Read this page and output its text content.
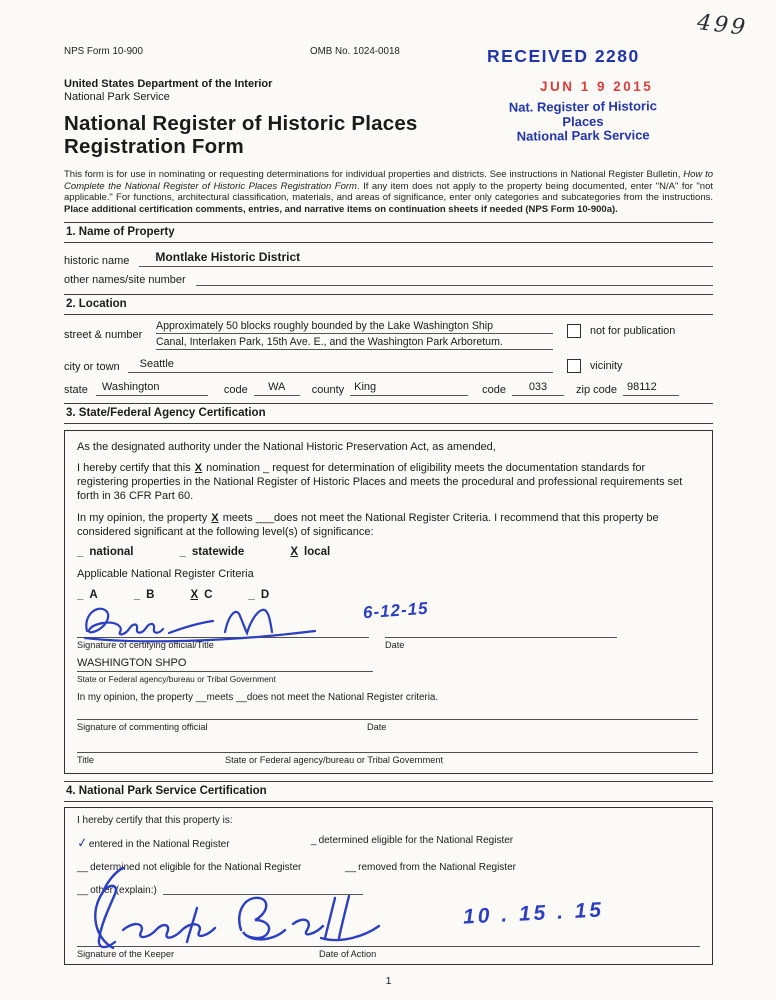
499
RECEIVED 2280
JUN 1 9 2015
Nat. Register of Historic Places
National Park Service
NPS Form 10-900	OMB No. 1024-0018
United States Department of the Interior
National Park Service
National Register of Historic Places
Registration Form
This form is for use in nominating or requesting determinations for individual properties and districts. See instructions in National Register Bulletin, How to Complete the National Register of Historic Places Registration Form. If any item does not apply to the property being documented, enter "N/A" for "not applicable." For functions, architectural classification, materials, and areas of significance, enter only categories and subcategories from the instructions. Place additional certification comments, entries, and narrative items on continuation sheets if needed (NPS Form 10-900a).
1. Name of Property
historic name	Montlake Historic District
other names/site number
2. Location
street & number
Approximately 50 blocks roughly bounded by the Lake Washington Ship
Canal, Interlaken Park, 15th Ave. E., and the Washington Park Arboretum.
not for publication
city or town	Seattle	vicinity
state	Washington	code	WA	county King	code	033	zip code 98112
3. State/Federal Agency Certification

As the designated authority under the National Historic Preservation Act, as amended,

I hereby certify that this X nomination _ request for determination of eligibility meets the documentation standards for registering properties in the National Register of Historic Places and meets the procedural and professional requirements set forth in 36 CFR Part 60.

In my opinion, the property X meets ___does not meet the National Register Criteria. I recommend that this property be considered significant at the following level(s) of significance:

_ national	_ statewide	X local

Applicable National Register Criteria

_ A	_ B	X C	_ D
6-12-15
Signature of certifying official/Title	Date
WASHINGTON SHPO
State or Federal agency/bureau or Tribal Government
In my opinion, the property __meets __does not meet the National Register criteria.
Signature of commenting official	Date
Title	State or Federal agency/bureau or Tribal Government
4. National Park Service Certification
I hereby certify that this property is:
✓entered in the National Register	_ determined eligible for the National Register
__ determined not eligible for the National Register	__ removed from the National Register
__ other (explain:)
10 . 15 . 15
Signature of the Keeper	Date of Action
1
